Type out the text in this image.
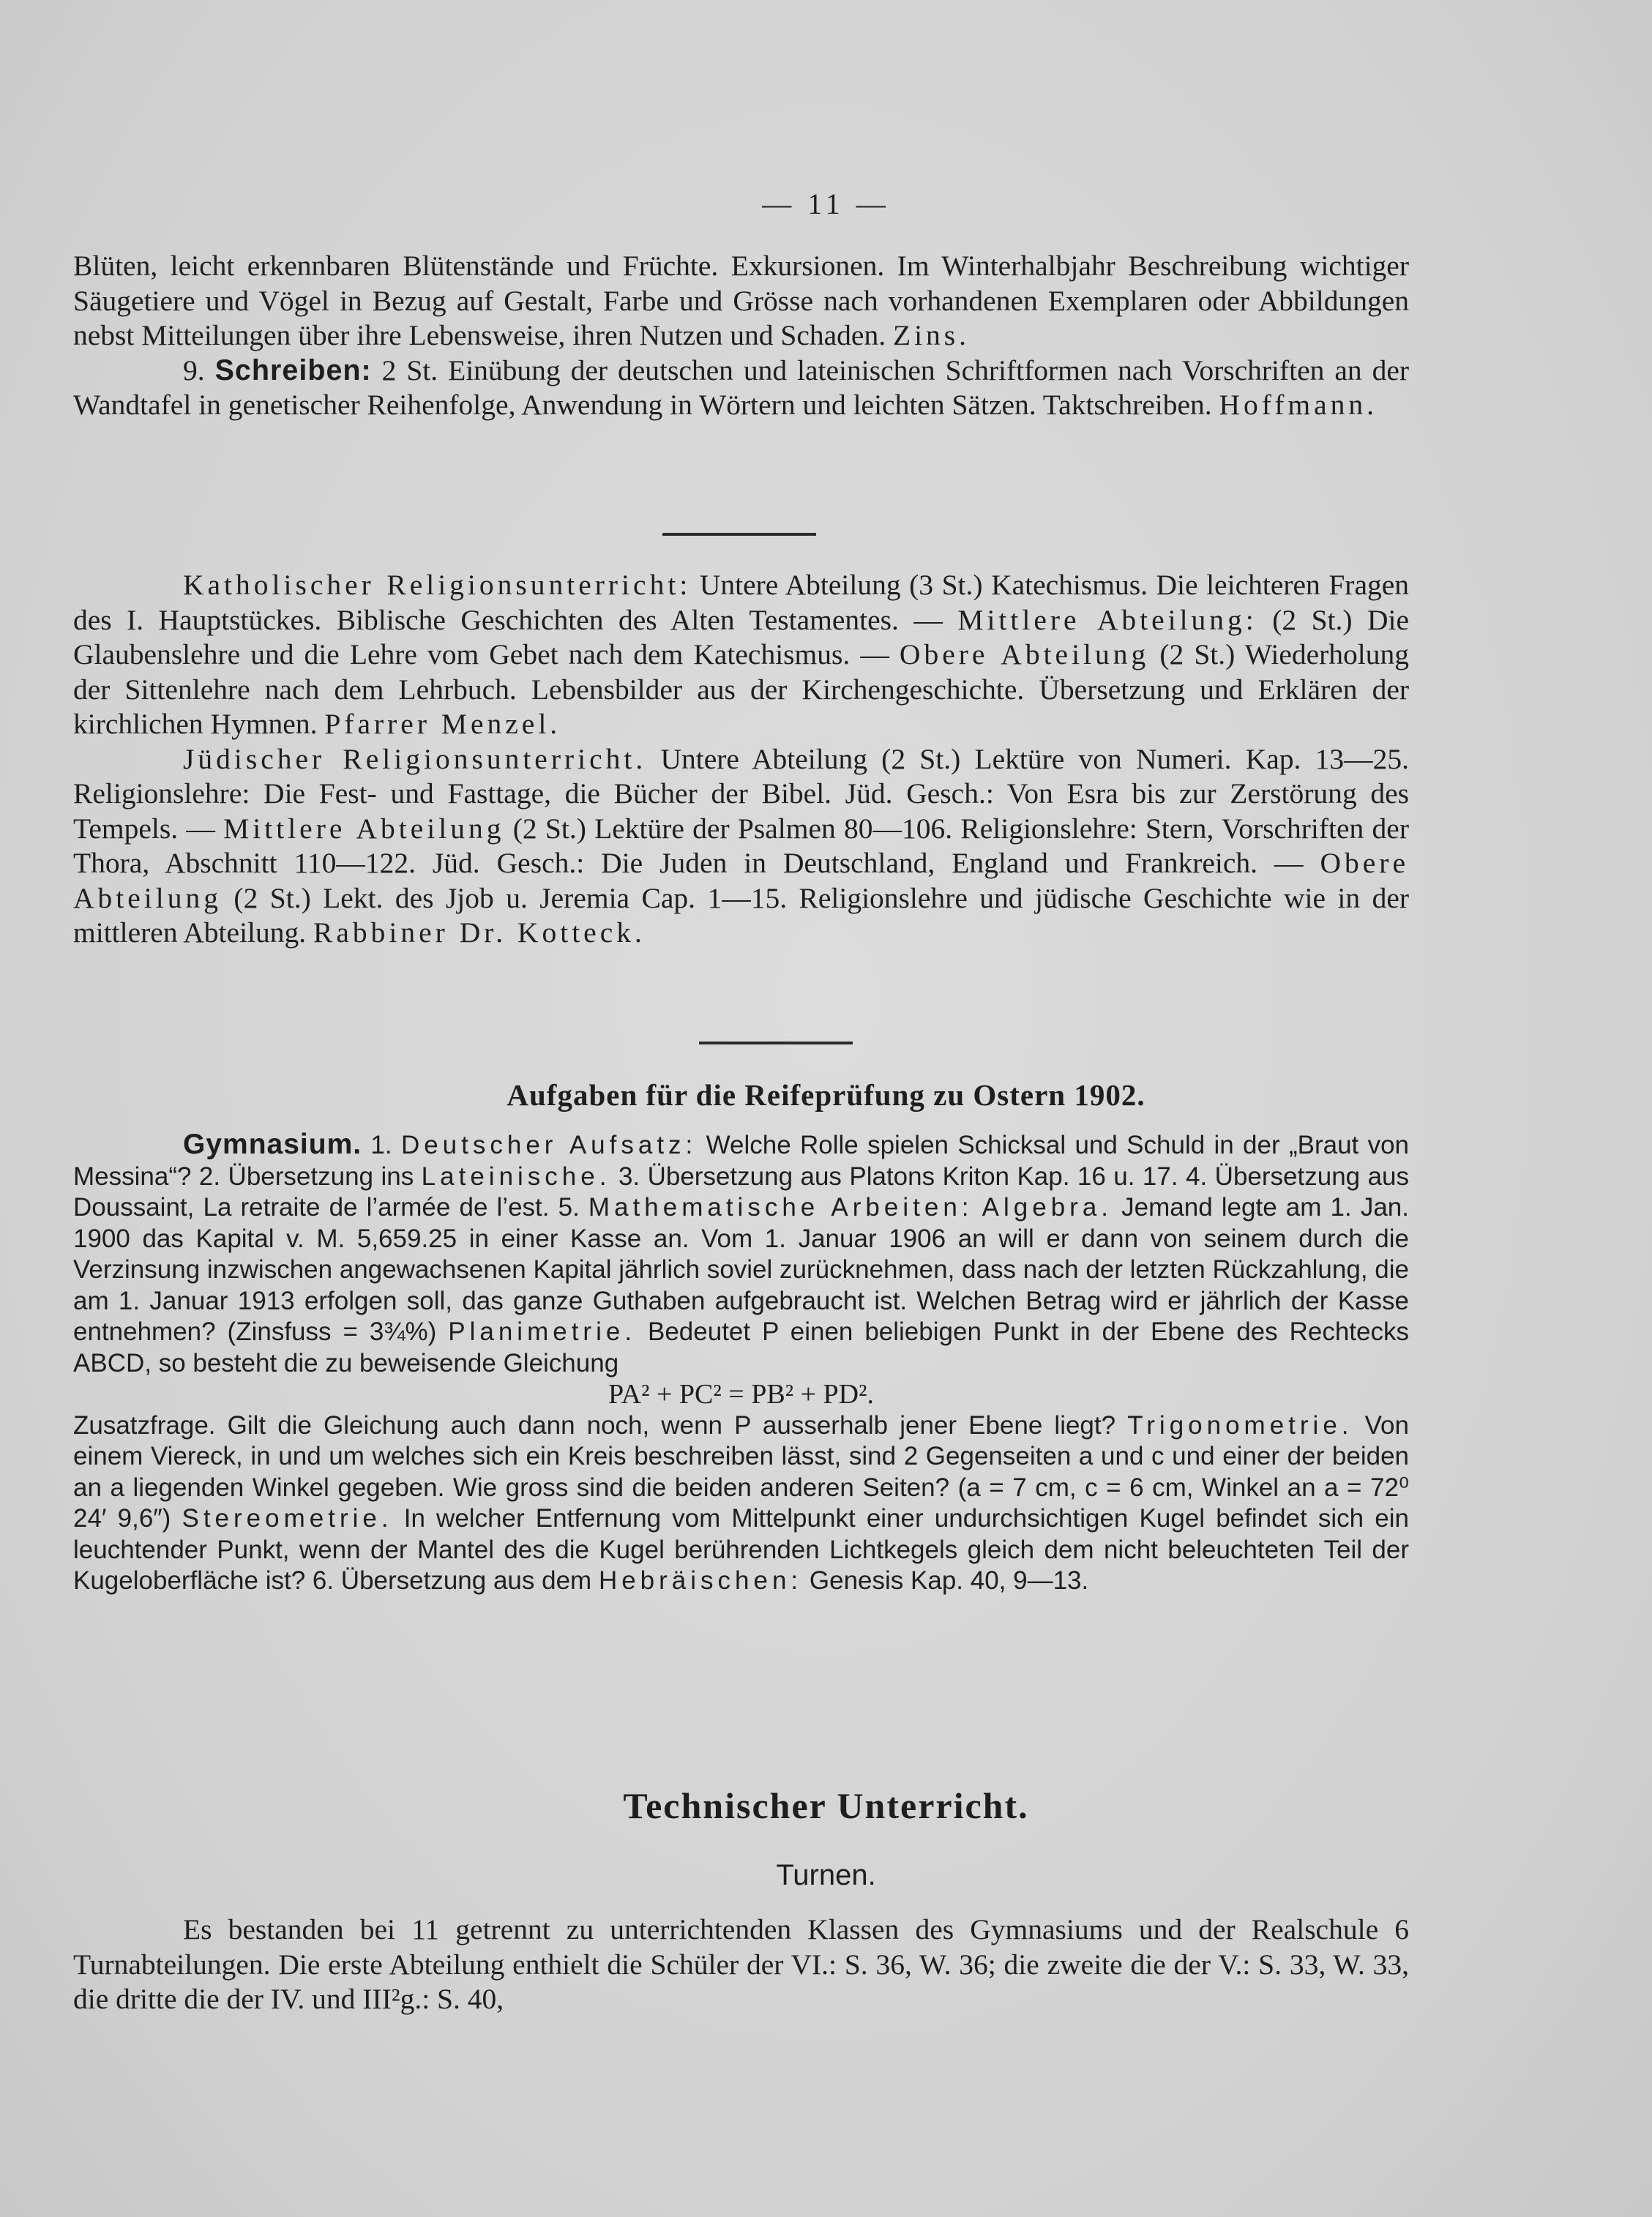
— 11 —

Blüten, leicht erkennbaren Blütenstände und Früchte. Exkursionen. Im Winterhalbjahr Beschreibung wichtiger Säugetiere und Vögel in Bezug auf Gestalt, Farbe und Grösse nach vorhandenen Exemplaren oder Abbildungen nebst Mitteilungen über ihre Lebensweise, ihren Nutzen und Schaden. Zins.

9. Schreiben: 2 St. Einübung der deutschen und lateinischen Schriftformen nach Vorschriften an der Wandtafel in genetischer Reihenfolge, Anwendung in Wörtern und leichten Sätzen. Taktschreiben. Hoffmann.

Katholischer Religionsunterricht: Untere Abteilung (3 St.) Katechismus. Die leichteren Fragen des I. Hauptstückes. Biblische Geschichten des Alten Testamentes. — Mittlere Abteilung: (2 St.) Die Glaubenslehre und die Lehre vom Gebet nach dem Katechismus. — Obere Abteilung (2 St.) Wiederholung der Sittenlehre nach dem Lehrbuch. Lebensbilder aus der Kirchengeschichte. Übersetzung und Erklären der kirchlichen Hymnen. Pfarrer Menzel.

Jüdischer Religionsunterricht. Untere Abteilung (2 St.) Lektüre von Numeri. Kap. 13—25. Religionslehre: Die Fest- und Fasttage, die Bücher der Bibel. Jüd. Gesch.: Von Esra bis zur Zerstörung des Tempels. — Mittlere Abteilung (2 St.) Lektüre der Psalmen 80—106. Religionslehre: Stern, Vorschriften der Thora, Abschnitt 110—122. Jüd. Gesch.: Die Juden in Deutschland, England und Frankreich. — Obere Abteilung (2 St.) Lekt. des Jjob u. Jeremia Cap. 1—15. Religionslehre und jüdische Geschichte wie in der mittleren Abteilung. Rabbiner Dr. Kotteck.

Aufgaben für die Reifeprüfung zu Ostern 1902.

Gymnasium. 1. Deutscher Aufsatz: Welche Rolle spielen Schicksal und Schuld in der „Braut von Messina“? 2. Übersetzung ins Lateinische. 3. Übersetzung aus Platons Kriton Kap. 16 u. 17. 4. Übersetzung aus Doussaint, La retraite de l’armée de l’est. 5. Mathematische Arbeiten: Algebra. Jemand legte am 1. Jan. 1900 das Kapital v. M. 5,659.25 in einer Kasse an. Vom 1. Januar 1906 an will er dann von seinem durch die Verzinsung inzwischen angewachsenen Kapital jährlich soviel zurücknehmen, dass nach der letzten Rückzahlung, die am 1. Januar 1913 erfolgen soll, das ganze Guthaben aufgebraucht ist. Welchen Betrag wird er jährlich der Kasse entnehmen? (Zinsfuss = 3¾%) Planimetrie. Bedeutet P einen beliebigen Punkt in der Ebene des Rechtecks ABCD, so besteht die zu beweisende Gleichung

PA² + PC² = PB² + PD².

Zusatzfrage. Gilt die Gleichung auch dann noch, wenn P ausserhalb jener Ebene liegt? Trigonometrie. Von einem Viereck, in und um welches sich ein Kreis beschreiben lässt, sind 2 Gegenseiten a und c und einer der beiden an a liegenden Winkel gegeben. Wie gross sind die beiden anderen Seiten? (a = 7 cm, c = 6 cm, Winkel an a = 72⁰ 24′ 9,6″) Stereometrie. In welcher Entfernung vom Mittelpunkt einer undurchsichtigen Kugel befindet sich ein leuchtender Punkt, wenn der Mantel des die Kugel berührenden Lichtkegels gleich dem nicht beleuchteten Teil der Kugeloberfläche ist? 6. Übersetzung aus dem Hebräischen: Genesis Kap. 40, 9—13.

Technischer Unterricht.
Turnen.

Es bestanden bei 11 getrennt zu unterrichtenden Klassen des Gymnasiums und der Realschule 6 Turnabteilungen. Die erste Abteilung enthielt die Schüler der VI.: S. 36, W. 36; die zweite die der V.: S. 33, W. 33, die dritte die der IV. und III²g.: S. 40,
